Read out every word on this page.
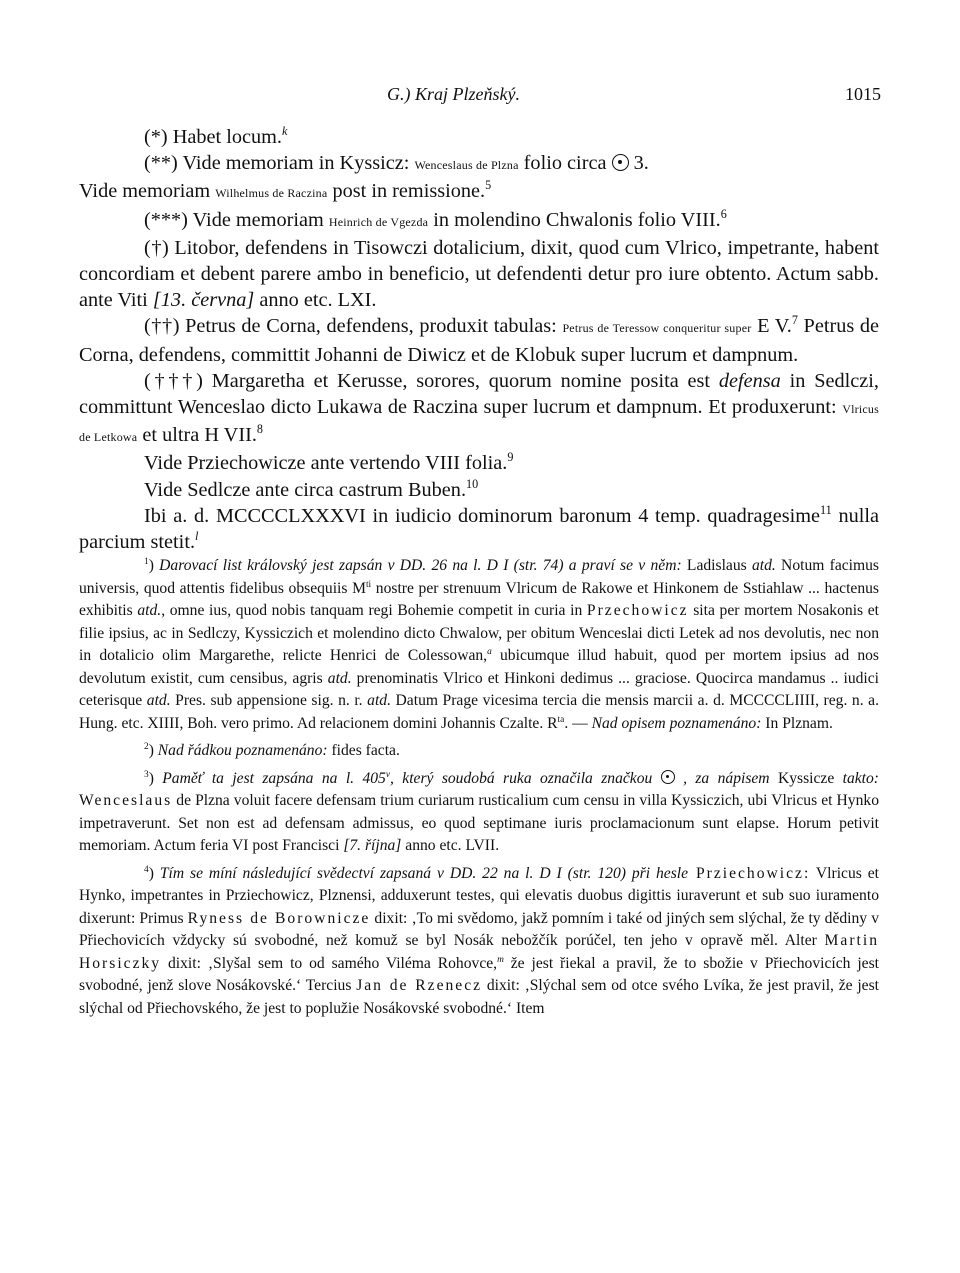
G.) Kraj Plzeňský.	1015

(*) Habet locum.$^k$

(**) Vide memoriam in Kyssicz: Wenceslaus de Plzna folio circa  3.
Vide memoriam Wilhelmus de Raczina post in remissione.$^5$

(***) Vide memoriam Heinrich de Vgezda in molendino Chwalonis folio VIII.$^6$

(†) Litobor, defendens in Tisowczi dotalicium, dixit, quod cum Vlrico, impetrante, habent concordiam et debent parere ambo in beneficio, ut defendenti detur pro iure obtento. Actum sabb. ante Viti [13. června] anno etc. LXI.

(††) Petrus de Corna, defendens, produxit tabulas: Petrus de Teressow conqueritur super E V.$^7$ Petrus de Corna, defendens, committit Johanni de Diwicz et de Klobuk super lucrum et dampnum.

(†††) Margaretha et Kerusse, sorores, quorum nomine posita est defensa in Sedlczi, committunt Wenceslao dicto Lukawa de Raczina super lucrum et dampnum. Et produxerunt: Vlricus de Letkowa et ultra H VII.$^8$

Vide Prziechowicze ante vertendo VIII folia.$^9$

Vide Sedlcze ante circa castrum Buben.$^{10}$

Ibi a. d. MCCCCLXXXVI in iudicio dominorum baronum 4 temp. quadragesime$^{11}$ nulla parcium stetit.$^l$

$^1$) Darovací list královský jest zapsán v DD. 26 na l. D I (str. 74) a praví se v něm: Ladislaus atd. Notum facimus universis, quod attentis fidelibus obsequiis $M^{ti}$ nostre per strenuum Vlricum de Rakowe et Hinkonem de Sstiahlaw ... hactenus exhibitis atd., omne ius, quod nobis tanquam regi Bohemie competit in curia in Przechowicz sita per mortem Nosakonis et filie ipsius, ac in Sedlczy, Kyssiczich et molendino dicto Chwalow, per obitum Wenceslai dicti Letek ad nos devolutis, nec non in dotalicio olim Margarethe, relicte Henrici de Colessowan,$^a$ ubicumque illud habuit, quod per mortem ipsius ad nos devolutum existit, cum censibus, agris atd. prenominatis Vlrico et Hinkoni dedimus ... graciose. Quocirca mandamus .. iudici ceterisque atd. Pres. sub appensione sig. n. r. atd. Datum Prage vicesima tercia die mensis marcii a. d. MCCCCLIIII, reg. n. a. Hung. etc. XIIII, Boh. vero primo. Ad relacionem domini Johannis Czalte. $R^{ta}$. — Nad opisem poznamenáno: In Plznam.

$^2$) Nad řádkou poznamenáno: fides facta.

$^3$) Paměť ta jest zapsána na l. 405$^v$, který soudobá ruka označila značkou  , za nápisem Kyssicze takto: Wenceslaus de Plzna voluit facere defensam trium curiarum rusticalium cum censu in villa Kyssiczich, ubi Vlricus et Hynko impetraverunt. Set non est ad defensam admissus, eo quod septimane iuris proclamacionum sunt elapse. Horum petivit memoriam. Actum feria VI post Francisci [7. října] anno etc. LVII.

$^4$) Tím se míní následující svědectví zapsaná v DD. 22 na l. D I (str. 120) při hesle Prziechowicz: Vlricus et Hynko, impetrantes in Prziechowicz, Plznensi, adduxerunt testes, qui elevatis duobus digittis iuraverunt et sub suo iuramento dixerunt: Primus Ryness de Borownicze dixit: ‚To mi svědomo, jakž pomním i také od jiných sem slýchal, že ty dědiny v Přiechovicích vždycky sú svobodné, než komuž se byl Nosák nebožčík porúčel, ten jeho v opravě měl. Alter Martin Horsiczky dixit: ‚Slyšal sem to od samého Viléma Rohovce,$^m$ že jest řiekal a pravil, že to sbožie v Přiechovicích jest svobodné, jenž slove Nosákovské.‘ Tercius Jan de Rzenecz dixit: ‚Slýchal sem od otce svého Lvíka, že jest pravil, že jest slýchal od Přiechovského, že jest to poplužie Nosákovské svobodné.‘ Item
